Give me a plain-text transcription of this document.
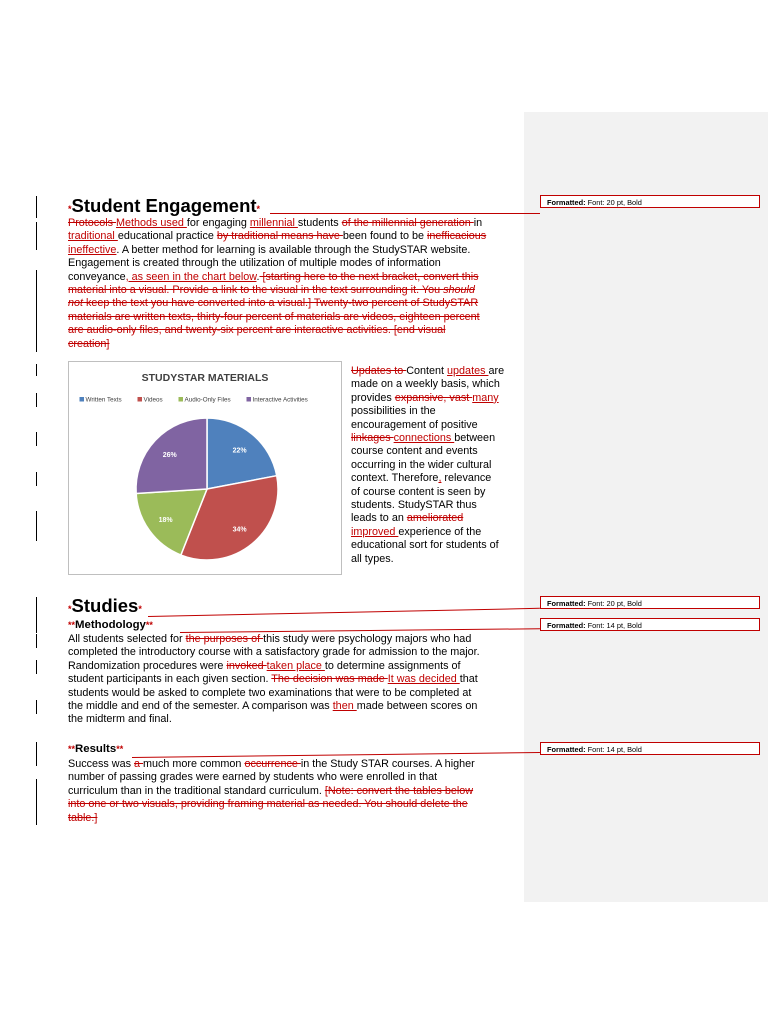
Formatted: Font: 20 pt, Bold
Formatted: Font: 20 pt, Bold
Formatted: Font: 14 pt, Bold
Formatted: Font: 14 pt, Bold
*Student Engagement*
Protocols Methods used for engaging millennial students of the millennial generation in
traditional educational practice by traditional means have been found to be inefficacious
ineffective. A better method for learning is available through the StudySTAR website.
Engagement is created through the utilization of multiple modes of information
conveyance, as seen in the chart below. [starting here to the next bracket, convert this
material into a visual. Provide a link to the visual in the text surrounding it. You should
not keep the text you have converted into a visual.] Twenty-two percent of StudySTAR
materials are written texts, thirty-four percent of materials are videos, eighteen percent
are audio-only files, and twenty-six percent are interactive activities. [end visual
creation]
STUDYSTAR MATERIALS
Written Texts	Videos	Audio-Only Files	Interactive Activities
22%
34%
18%
26%
Updates to Content updates are
made on a weekly basis, which
provides expansive, vast many
possibilities in the
encouragement of positive
linkages connections between
course content and events
occurring in the wider cultural
context. Therefore, relevance
of course content is seen by
students. StudySTAR thus
leads to an ameliorated
improved experience of the
educational sort for students of
all types.
*Studies*
**Methodology**
All students selected for the purposes of this study were psychology majors who had
completed the introductory course with a satisfactory grade for admission to the major.
Randomization procedures were invoked taken place to determine assignments of
student participants in each given section. The decision was made It was decided that
students would be asked to complete two examinations that were to be completed at
the middle and end of the semester. A comparison was then made between scores on
the midterm and final.
**Results**
Success was a much more common occurrence in the Study STAR courses. A higher
number of passing grades were earned by students who were enrolled in that
curriculum than in the traditional standard curriculum. [Note: convert the tables below
into one or two visuals, providing framing material as needed. You should delete the
table.]
